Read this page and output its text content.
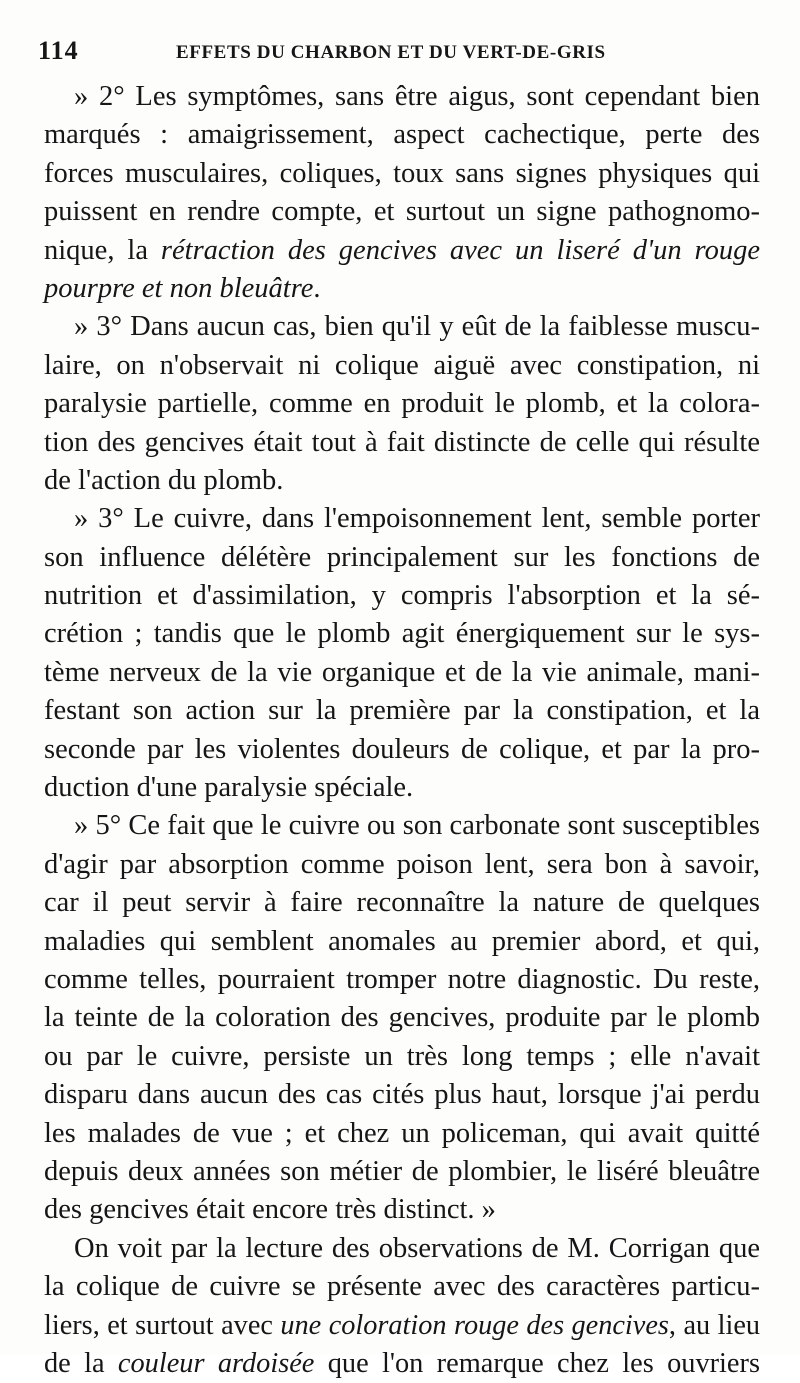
114	EFFETS DU CHARBON ET DU VERT-DE-GRIS
» 2° Les symptômes, sans être aigus, sont cependant bien
marqués : amaigrissement, aspect cachectique, perte des
forces musculaires, coliques, toux sans signes physiques qui
puissent en rendre compte, et surtout un signe pathognomo-
nique, la rétraction des gencives avec un liseré d'un rouge
pourpre et non bleuâtre.
» 3° Dans aucun cas, bien qu'il y eût de la faiblesse muscu-
laire, on n'observait ni colique aiguë avec constipation, ni
paralysie partielle, comme en produit le plomb, et la colora-
tion des gencives était tout à fait distincte de celle qui résulte
de l'action du plomb.
» 3° Le cuivre, dans l'empoisonnement lent, semble porter
son influence délétère principalement sur les fonctions de
nutrition et d'assimilation, y compris l'absorption et la sé-
crétion ; tandis que le plomb agit énergiquement sur le sys-
tème nerveux de la vie organique et de la vie animale, mani-
festant son action sur la première par la constipation, et la
seconde par les violentes douleurs de colique, et par la pro-
duction d'une paralysie spéciale.
» 5° Ce fait que le cuivre ou son carbonate sont susceptibles
d'agir par absorption comme poison lent, sera bon à savoir,
car il peut servir à faire reconnaître la nature de quelques
maladies qui semblent anomales au premier abord, et qui,
comme telles, pourraient tromper notre diagnostic. Du reste,
la teinte de la coloration des gencives, produite par le plomb
ou par le cuivre, persiste un très long temps ; elle n'avait
disparu dans aucun des cas cités plus haut, lorsque j'ai perdu
les malades de vue ; et chez un policeman, qui avait quitté
depuis deux années son métier de plombier, le liséré bleuâtre
des gencives était encore très distinct. »
On voit par la lecture des observations de M. Corrigan que
la colique de cuivre se présente avec des caractères particu-
liers, et surtout avec une coloration rouge des gencives, au lieu
de la couleur ardoisée que l'on remarque chez les ouvriers
